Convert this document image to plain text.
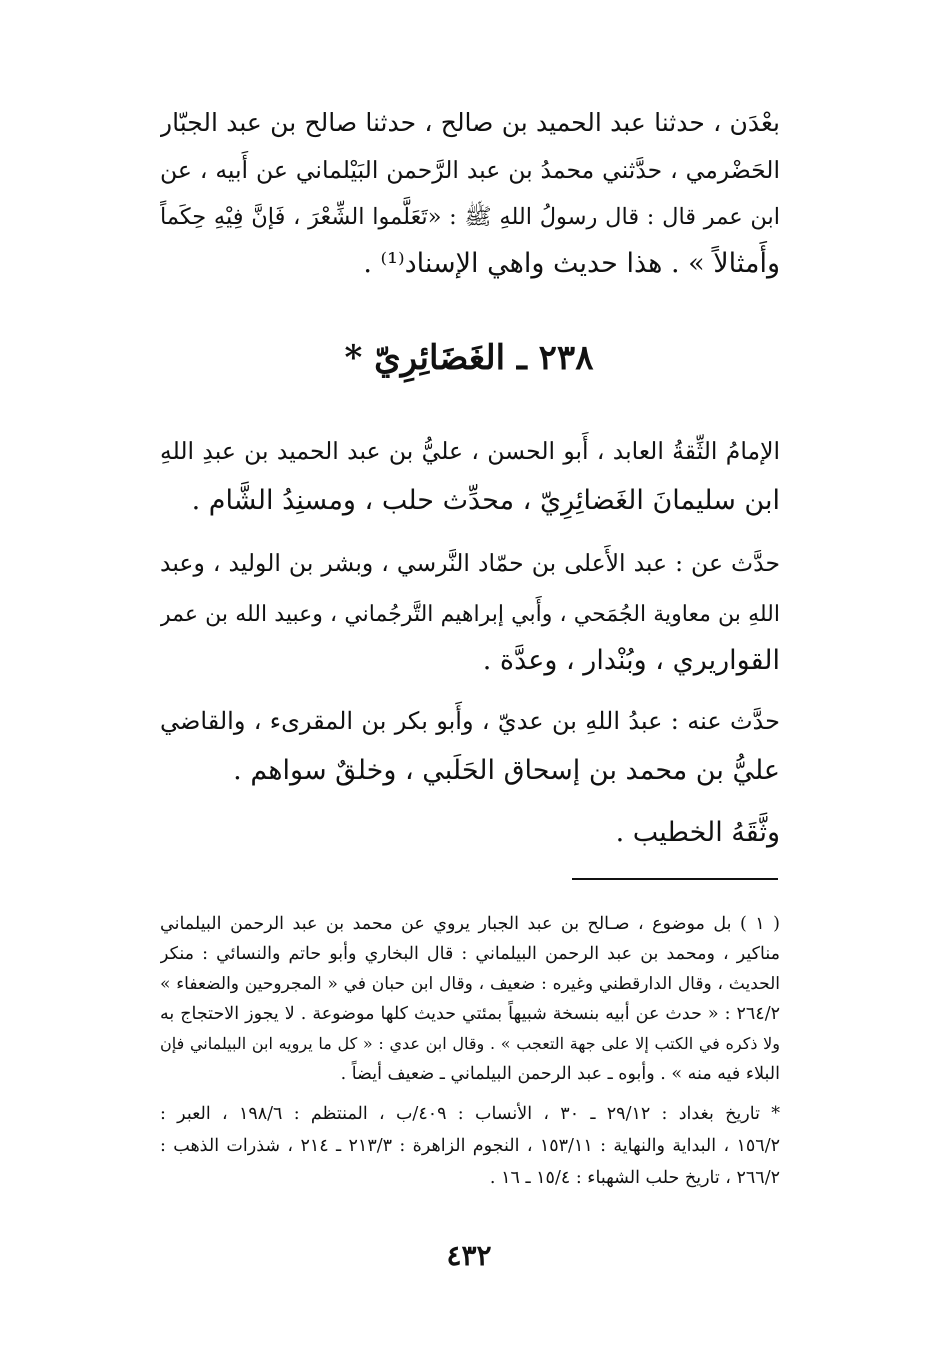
بعْدَن ، حدثنا عبد الحميد بن صالح ، حدثنا صالح بن عبد الجبّار
الحَضْرمي ، حدَّثني محمدُ بن عبد الرَّحمن البَيْلماني عن أَبيه ، عن
ابن عمر قال : قال رسولُ اللهِ ﷺ : «تَعَلَّموا الشِّعْرَ ، فَإنَّ فِيْهِ حِكَماً
وأَمثالاً » . هذا حديث واهي الإسناد⁽¹⁾ .
٢٣٨ ـ الغَضَائِرِيّ *
الإمامُ الثِّقةُ العابد ، أَبو الحسن ، عليُّ بن عبد الحميد بن عبدِ اللهِ
ابن سليمانَ الغَضائِرِيّ ، محدِّث حلب ، ومسنِدُ الشَّام .
حدَّث عن : عبد الأَعلى بن حمّاد النَّرسي ، وبشر بن الوليد ، وعبد
اللهِ بن معاوية الجُمَحي ، وأَبي إبراهيم التَّرجُماني ، وعبيد الله بن عمر
القواريري ، وبُنْدار ، وعدَّة .
حدَّث عنه : عبدُ اللهِ بن عديّ ، وأَبو بكر بن المقرىء ، والقاضي
عليُّ بن محمد بن إسحاق الحَلَبي ، وخلقٌ سواهم .
وثَّقَهُ الخطيب .
( ١ ) بل موضوع ، صـالح بن عبد الجبار يروي عن محمد بن عبد الرحمن البيلماني
مناكير ، ومحمد بن عبد الرحمن البيلماني : قال البخاري وأبو حاتم والنسائي : منكر
الحديث ، وقال الدارقطني وغيره : ضعيف ، وقال ابن حبان في « المجروحين والضعفاء »
٢٦٤/٢ : « حدث عن أبيه بنسخة شبيهاً بمئتي حديث كلها موضوعة . لا يجوز الاحتجاج به
ولا ذكره في الكتب إلا على جهة التعجب » . وقال ابن عدي : « كل ما يرويه ابن البيلماني فإن
البلاء فيه منه » . وأبوه ـ عبد الرحمن البيلماني ـ ضعيف أيضاً .
* تاريخ بغداد : ٢٩/١٢ ـ ٣٠ ، الأنساب : ٤٠٩/ب ، المنتظم : ١٩٨/٦ ، العبر :
١٥٦/٢ ، البداية والنهاية : ١٥٣/١١ ، النجوم الزاهرة : ٢١٣/٣ ـ ٢١٤ ، شذرات الذهب :
٢٦٦/٢ ، تاريخ حلب الشهباء : ١٥/٤ ـ ١٦ .
٤٣٢
